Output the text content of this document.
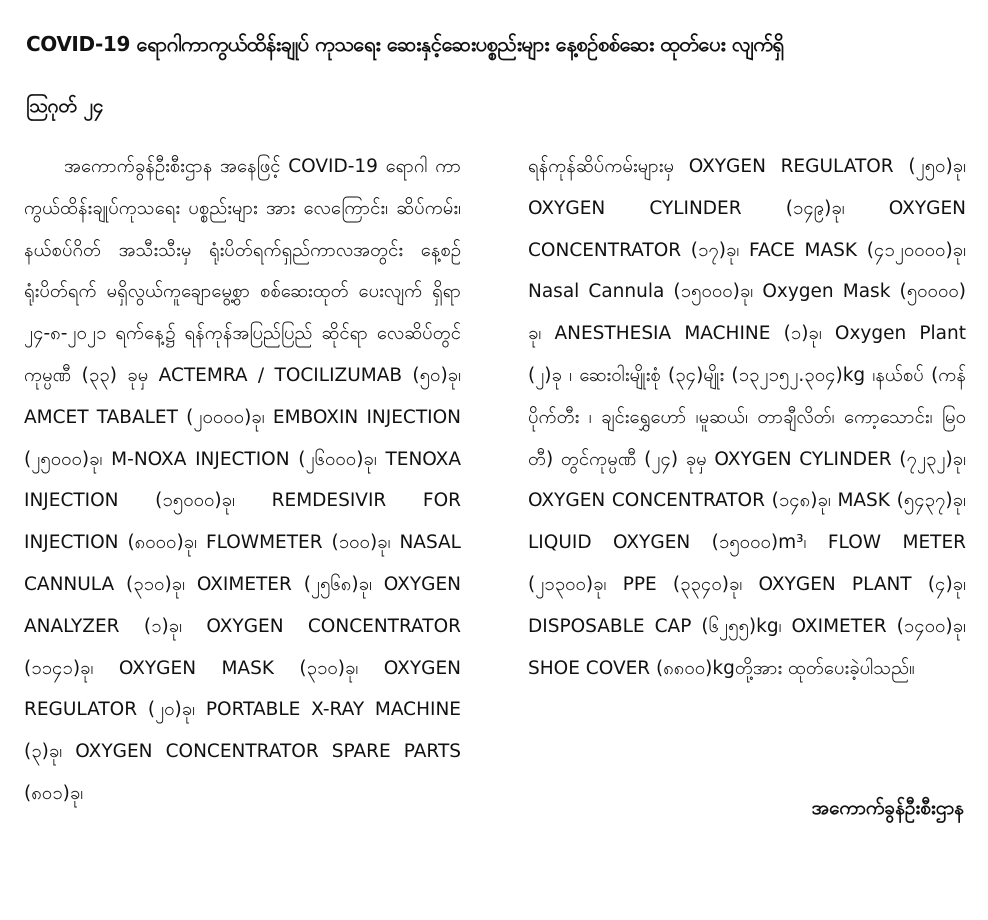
COVID-19 ရောဂါကာကွယ်ထိန်းချုပ် ကုသရေး ဆေးနှင့်ဆေးပစ္စည်းများ နေ့စဉ်စစ်ဆေး ထုတ်ပေး လျက်ရှိ
ဩဂုတ် ၂၄

အကောက်ခွန်ဦးစီးဌာန အနေဖြင့် COVID-19 ရောဂါ ကာကွယ်ထိန်းချုပ်ကုသရေး ပစ္စည်းများ အား လေကြောင်း၊ ဆိပ်ကမ်း၊ နယ်စပ်ဂိတ် အသီးသီးမှ ရုံးပိတ်ရက်ရှည်ကာလအတွင်း နေ့စဉ်ရုံးပိတ်ရက် မရှိလွယ်ကူချောမွေ့စွာ စစ်ဆေးထုတ် ပေးလျက် ရှိရာ ၂၄-၈-၂၀၂၁ ရက်နေ့၌ ရန်ကုန်အပြည်ပြည် ဆိုင်ရာ လေဆိပ်တွင် ကုမ္ပဏီ (၃၃) ခုမှ ACTEMRA / TOCILIZUMAB (၅၀)ခု၊ AMCET TABALET (၂၀၀၀၀)ခု၊ EMBOXIN INJECTION (၂၅၀၀၀)ခု၊ M-NOXA INJECTION (၂၆၀၀၀)ခု၊ TENOXA INJECTION (၁၅၀၀၀)ခု၊ REMDESIVIR FOR INJECTION (၈၀၀၀)ခု၊ FLOWMETER (၁၀၀)ခု၊ NASAL CANNULA (၃၁၀)ခု၊ OXIMETER (၂၅၆၈)ခု၊ OXYGEN ANALYZER (၁)ခု၊ OXYGEN CONCENTRATOR (၁၁၄၁)ခု၊ OXYGEN MASK (၃၁၀)ခု၊ OXYGEN REGULATOR (၂၀)ခု၊ PORTABLE X-RAY MACHINE (၃)ခု၊ OXYGEN CONCENTRATOR SPARE PARTS (၈၀၁)ခု၊

ရန်ကုန်ဆိပ်ကမ်းများမှ OXYGEN REGULATOR (၂၅၀)ခု၊ OXYGEN CYLINDER (၁၄၉)ခု၊ OXYGEN CONCENTRATOR (၁၇)ခု၊ FACE MASK (၄၁၂၀၀၀၀)ခု၊ Nasal Cannula (၁၅၀၀၀)ခု၊ Oxygen Mask (၅၀၀၀၀) ခု၊ ANESTHESIA MACHINE (၁)ခု၊ Oxygen Plant (၂)ခု ၊ ဆေးဝါးမျိုးစုံ (၃၄)မျိုး (၁၃၂၁၅၂.၃၀၄)kg ၊နယ်စပ် (ကန်ပိုက်တီး ၊ ချင်းရွှေဟော် ၊မူဆယ်၊ တာချီလိတ်၊ ကော့သောင်း၊ မြဝတီ) တွင်ကုမ္ပဏီ (၂၄) ခုမှ OXYGEN CYLINDER (၇၂၃၂)ခု၊ OXYGEN CONCENTRATOR (၁၄၈)ခု၊ MASK (၅၄၃၇)ခု၊ LIQUID OXYGEN (၁၅၀၀၀)m³၊ FLOW METER (၂၁၃၀၀)ခု၊ PPE (၃၃၄၀)ခု၊ OXYGEN PLANT (၄)ခု၊ DISPOSABLE CAP (၆၂၅၅)kg၊ OXIMETER (၁၄၀၀)ခု၊ SHOE COVER (၈၈၀၀)kgတို့အား ထုတ်ပေးခဲ့ပါသည်။

အကောက်ခွန်ဦးစီးဌာန
